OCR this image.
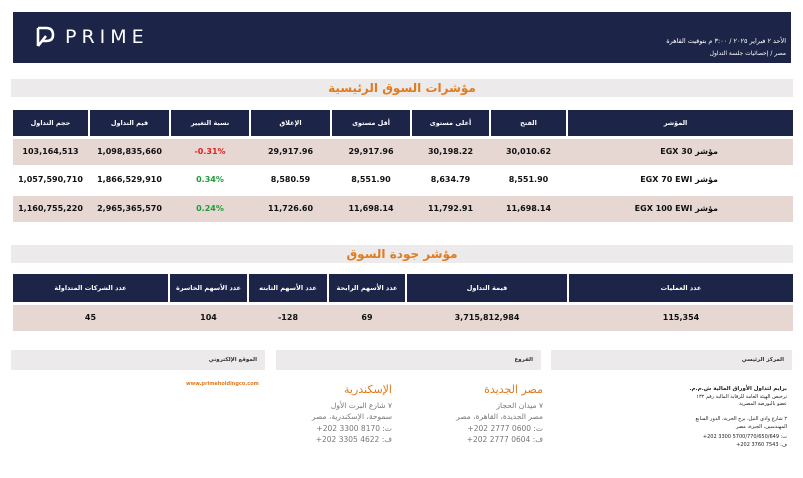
PRIME	الأحد ٢ فبراير ٢٠٢٥ / ٣:٠٠ م بتوقيت القاهرة
مصر / إحصائيات جلسة التداول
مؤشرات السوق الرئيسية
حجم التداول	قيم التداول	نسبة التغيير	الإغلاق	أقل مستوى	أعلى مستوى	الفتح	المؤشر
103,164,513	1,098,835,660	-0.31%	29,917.96	29,917.96	30,198.22	30,010.62	مؤشر EGX 30
1,057,590,710	1,866,529,910	0.34%	8,580.59	8,551.90	8,634.79	8,551.90	مؤشر EGX 70 EWI
1,160,755,220	2,965,365,570	0.24%	11,726.60	11,698.14	11,792.91	11,698.14	مؤشر EGX 100 EWI
مؤشر جودة السوق
عدد الشركات المتداولة	عدد الأسهم الخاسرة	عدد الأسهم الثابته	عدد الأسهم الرابحة	قيمة التداول	عدد العمليات
45	104	-128	69	3,715,812,984	115,354
الموقع الإلكتروني	الفروع	المركز الرئيسي
www.primeholdingco.com	مصر الجديدة
٧ ميدان الحجاز
مصر الجديدة، القاهرة، مصر
ت: 0600 2777 202+
ف: 0604 2777 202+
الإسكندرية
٧ شارع البرت الأول
سموحة، الإسكندرية، مصر
ت: 8170 3300 202+
ف: 4622 3305 202+
برايم لتداول الأوراق المالية ش.م.م.
ترخيص الهيئة العامة للرقابة المالية رقم ١٣٢
عضو بالبورصة المصرية
٢ شارع وادي النيل، برج الحرية، الدور السابع
المهندسين، الجيزة، مصر
ت: 5700/770/650/649 3300 202+
ف: 7543 3760 202+
